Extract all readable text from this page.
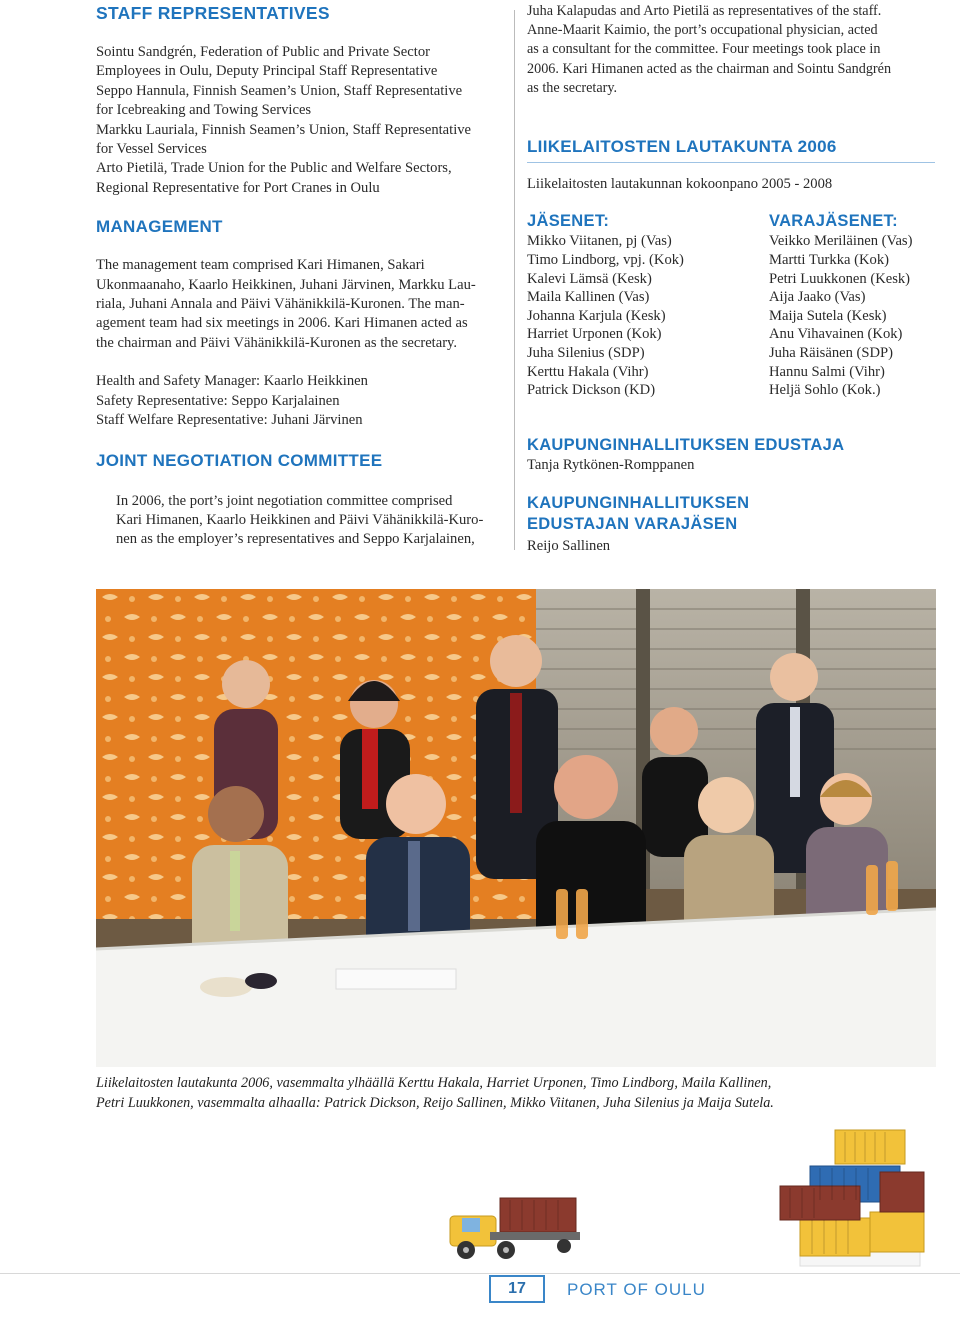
STAFF REPRESENTATIVES
Sointu Sandgrén, Federation of Public and Private Sector
Employees in Oulu, Deputy Principal Staff Representative
Seppo Hannula, Finnish Seamen’s Union, Staff Representative
for Icebreaking and Towing Services
Markku Lauriala, Finnish Seamen’s Union, Staff Representative
for Vessel Services
Arto Pietilä, Trade Union for the Public and Welfare Sectors,
Regional Representative for Port Cranes in Oulu
MANAGEMENT
The management team comprised Kari Himanen, Sakari
Ukonmaanaho, Kaarlo Heikkinen, Juhani Järvinen, Markku Lau-
riala, Juhani Annala and Päivi Vähänikkilä-Kuronen. The man-
agement team had six meetings in 2006. Kari Himanen acted as
the chairman and Päivi Vähänikkilä-Kuronen as the secretary.
Health and Safety Manager: Kaarlo Heikkinen
Safety Representative: Seppo Karjalainen
Staff Welfare Representative: Juhani Järvinen
JOINT NEGOTIATION COMMITTEE
In 2006, the port’s joint negotiation committee comprised
Kari Himanen, Kaarlo Heikkinen and Päivi Vähänikkilä-Kuro-
nen as the employer’s representatives and Seppo Karjalainen,
Juha Kalapudas and Arto Pietilä as representatives of the staff.
Anne-Maarit Kaimio, the port’s occupational physician, acted
as a consultant for the committee. Four meetings took place in
2006. Kari Himanen acted as the chairman and Sointu Sandgrén
as the secretary.
LIIKELAITOSTEN LAUTAKUNTA 2006
Liikelaitosten lautakunnan kokoonpano 2005 - 2008
JÄSENET:
Mikko Viitanen, pj (Vas)
Timo Lindborg, vpj. (Kok)
Kalevi Lämsä (Kesk)
Maila Kallinen (Vas)
Johanna Karjula (Kesk)
Harriet Urponen (Kok)
Juha Silenius (SDP)
Kerttu Hakala (Vihr)
Patrick Dickson (KD)
VARAJÄSENET:
Veikko Meriläinen (Vas)
Martti Turkka (Kok)
Petri Luukkonen (Kesk)
Aija Jaako (Vas)
Maija Sutela (Kesk)
Anu Vihavainen (Kok)
Juha Räisänen (SDP)
Hannu Salmi (Vihr)
Heljä Sohlo (Kok.)
KAUPUNGINHALLITUKSEN EDUSTAJA
Tanja Rytkönen-Romppanen
KAUPUNGINHALLITUKSEN
EDUSTAJAN VARAJÄSEN
Reijo Sallinen
Liikelaitosten lautakunta 2006, vasemmalta ylhäällä Kerttu Hakala, Harriet Urponen, Timo Lindborg, Maila Kallinen,
Petri Luukkonen, vasemmalta alhaalla: Patrick Dickson, Reijo Sallinen, Mikko Viitanen, Juha Silenius ja Maija Sutela.
17	PORT OF OULU
